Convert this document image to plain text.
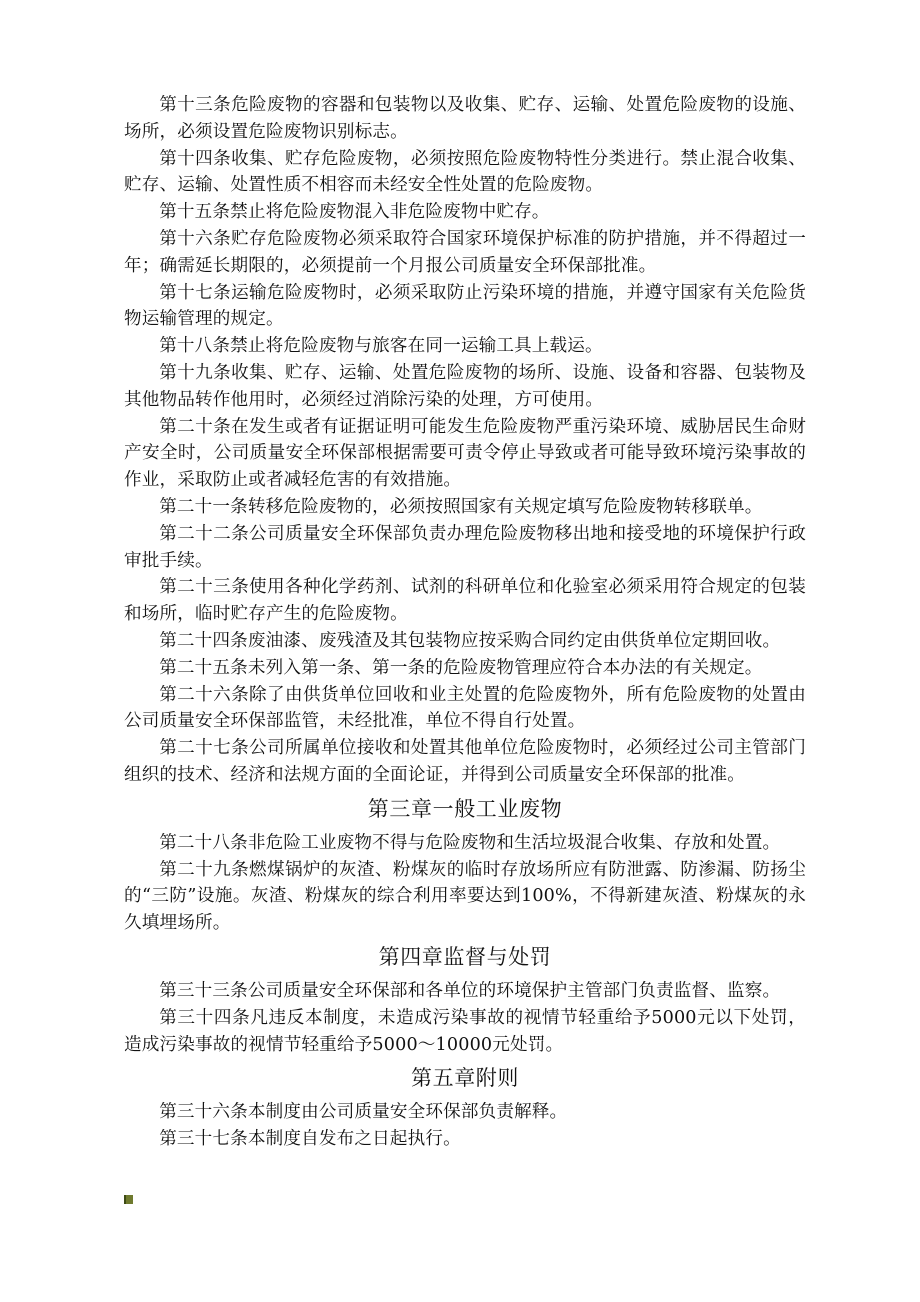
第十三条危险废物的容器和包装物以及收集、贮存、运输、处置危险废物的设施、场所，必须设置危险废物识别标志。

第十四条收集、贮存危险废物，必须按照危险废物特性分类进行。禁止混合收集、贮存、运输、处置性质不相容而未经安全性处置的危险废物。

第十五条禁止将危险废物混入非危险废物中贮存。

第十六条贮存危险废物必须采取符合国家环境保护标准的防护措施，并不得超过一年；确需延长期限的，必须提前一个月报公司质量安全环保部批准。

第十七条运输危险废物时，必须采取防止污染环境的措施，并遵守国家有关危险货物运输管理的规定。

第十八条禁止将危险废物与旅客在同一运输工具上载运。

第十九条收集、贮存、运输、处置危险废物的场所、设施、设备和容器、包装物及其他物品转作他用时，必须经过消除污染的处理，方可使用。

第二十条在发生或者有证据证明可能发生危险废物严重污染环境、威胁居民生命财产安全时，公司质量安全环保部根据需要可责令停止导致或者可能导致环境污染事故的作业，采取防止或者减轻危害的有效措施。

第二十一条转移危险废物的，必须按照国家有关规定填写危险废物转移联单。

第二十二条公司质量安全环保部负责办理危险废物移出地和接受地的环境保护行政审批手续。

第二十三条使用各种化学药剂、试剂的科研单位和化验室必须采用符合规定的包装和场所，临时贮存产生的危险废物。

第二十四条废油漆、废残渣及其包装物应按采购合同约定由供货单位定期回收。

第二十五条未列入第一条、第一条的危险废物管理应符合本办法的有关规定。

第二十六条除了由供货单位回收和业主处置的危险废物外，所有危险废物的处置由公司质量安全环保部监管，未经批准，单位不得自行处置。

第二十七条公司所属单位接收和处置其他单位危险废物时，必须经过公司主管部门组织的技术、经济和法规方面的全面论证，并得到公司质量安全环保部的批准。

第三章一般工业废物

第二十八条非危险工业废物不得与危险废物和生活垃圾混合收集、存放和处置。

第二十九条燃煤锅炉的灰渣、粉煤灰的临时存放场所应有防泄露、防渗漏、防扬尘的“三防”设施。灰渣、粉煤灰的综合利用率要达到100%，不得新建灰渣、粉煤灰的永久填埋场所。

第四章监督与处罚

第三十三条公司质量安全环保部和各单位的环境保护主管部门负责监督、监察。

第三十四条凡违反本制度，未造成污染事故的视情节轻重给予5000元以下处罚，造成污染事故的视情节轻重给予5000～10000元处罚。

第五章附则

第三十六条本制度由公司质量安全环保部负责解释。

第三十七条本制度自发布之日起执行。
